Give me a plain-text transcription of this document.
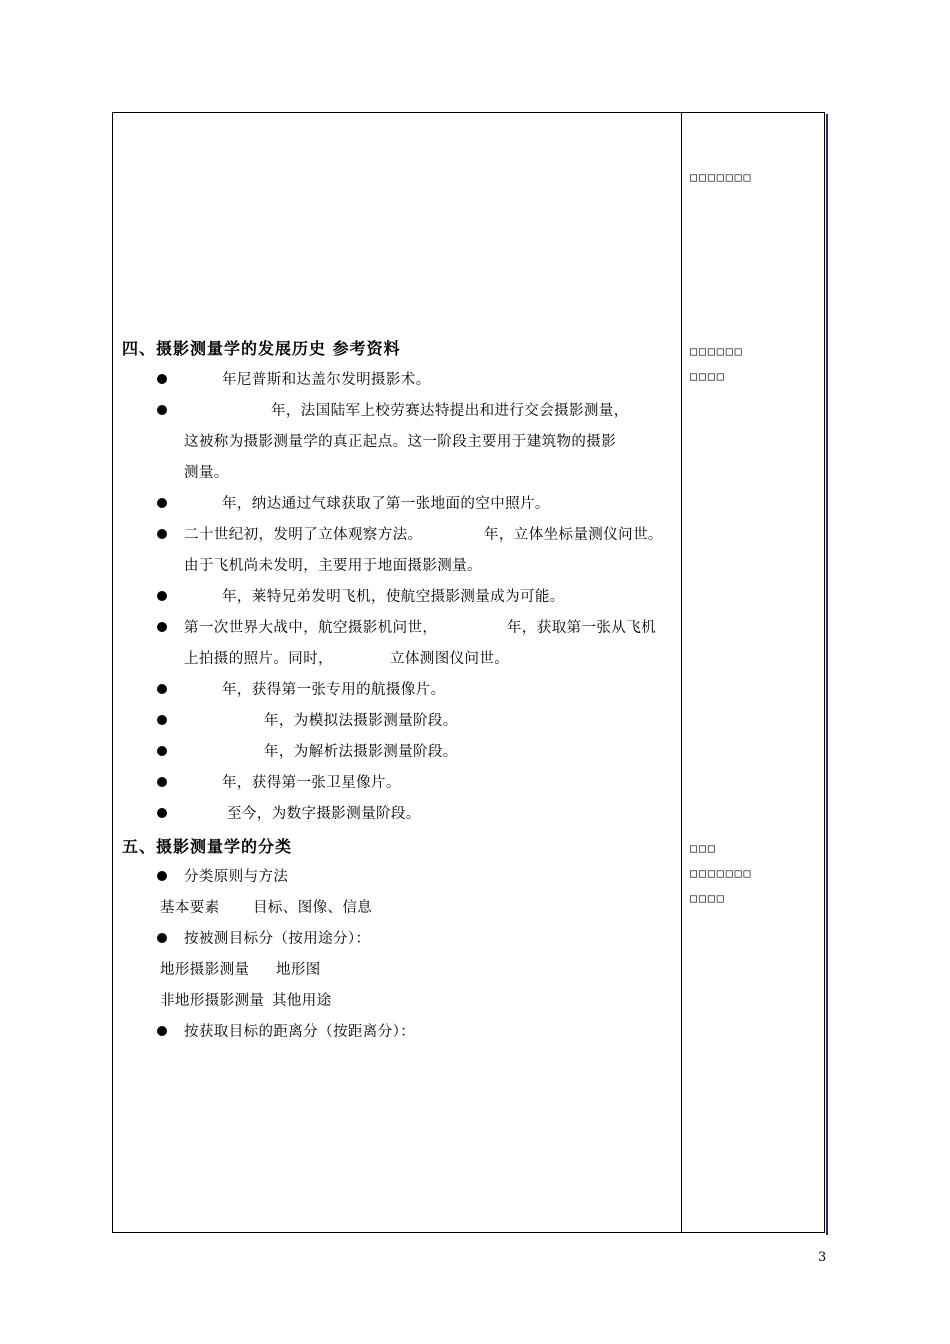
□□□□□□□
□□□□□□
□□□□
□□□
□□□□□□□
□□□□
四、摄影测量学的发展历史 参考资料
年尼普斯和达盖尔发明摄影术。
年，法国陆军上校劳赛达特提出和进行交会摄影测量，
这被称为摄影测量学的真正起点。这一阶段主要用于建筑物的摄影
测量。
年，纳达通过气球获取了第一张地面的空中照片。
二十世纪初，发明了立体观察方法。	年，立体坐标量测仪问世。
由于飞机尚未发明，主要用于地面摄影测量。
年，莱特兄弟发明飞机，使航空摄影测量成为可能。
第一次世界大战中，航空摄影机问世，	年，获取第一张从飞机
上拍摄的照片。同时，	立体测图仪问世。
年，获得第一张专用的航摄像片。
年，为模拟法摄影测量阶段。
年，为解析法摄影测量阶段。
年，获得第一张卫星像片。
至今，为数字摄影测量阶段。
五、摄影测量学的分类
分类原则与方法
基本要素 目标、图像、信息
按被测目标分（按用途分）：
地形摄影测量 地形图
非地形摄影测量 其他用途
按获取目标的距离分（按距离分）：
3
